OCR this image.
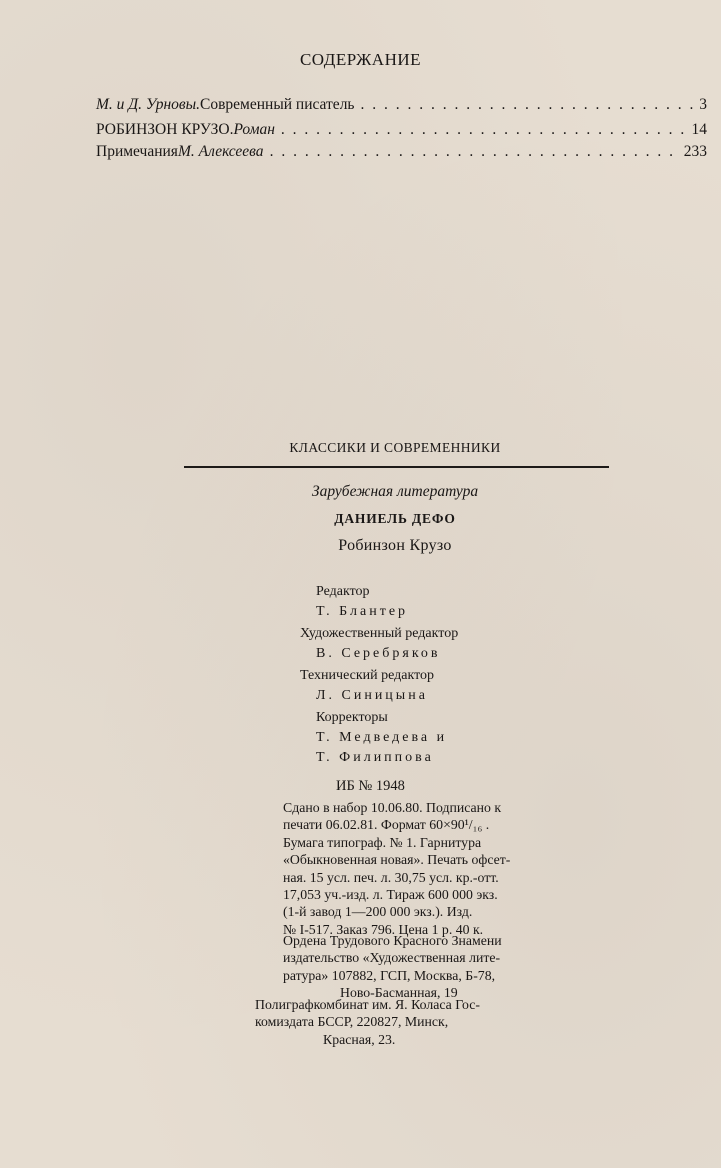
СОДЕРЖАНИЕ
М. и Д. Урновы. Современный писатель . . .	3
РОБИНЗОН КРУЗО. Роман . . .	14
Примечания М. Алексеева . . .	233
КЛАССИКИ И СОВРЕМЕННИКИ
Зарубежная литература
ДАНИЕЛЬ ДЕФО
Робинзон Крузо
Редактор
Т. Блантер
Художественный редактор
В. Серебряков
Технический редактор
Л. Синицына
Корректоры
Т. Медведева и
Т. Филиппова
ИБ № 1948
Сдано в набор 10.06.80. Подписано к
печати 06.02.81. Формат 60×90¹/₁₆ .
Бумага типограф. № 1. Гарнитура
«Обыкновенная новая». Печать офсет-
ная. 15 усл. печ. л. 30,75 усл. кр.-отт.
17,053 уч.-изд. л. Тираж 600 000 экз.
(1-й завод 1—200 000 экз.). Изд.
№ I-517. Заказ 796. Цена 1 р. 40 к.
Ордена Трудового Красного Знамени
издательство «Художественная лите-
ратура» 107882, ГСП, Москва, Б-78,
Ново-Басманная, 19
Полиграфкомбинат им. Я. Коласа Гос-
комиздата БССР, 220827, Минск,
Красная, 23.
